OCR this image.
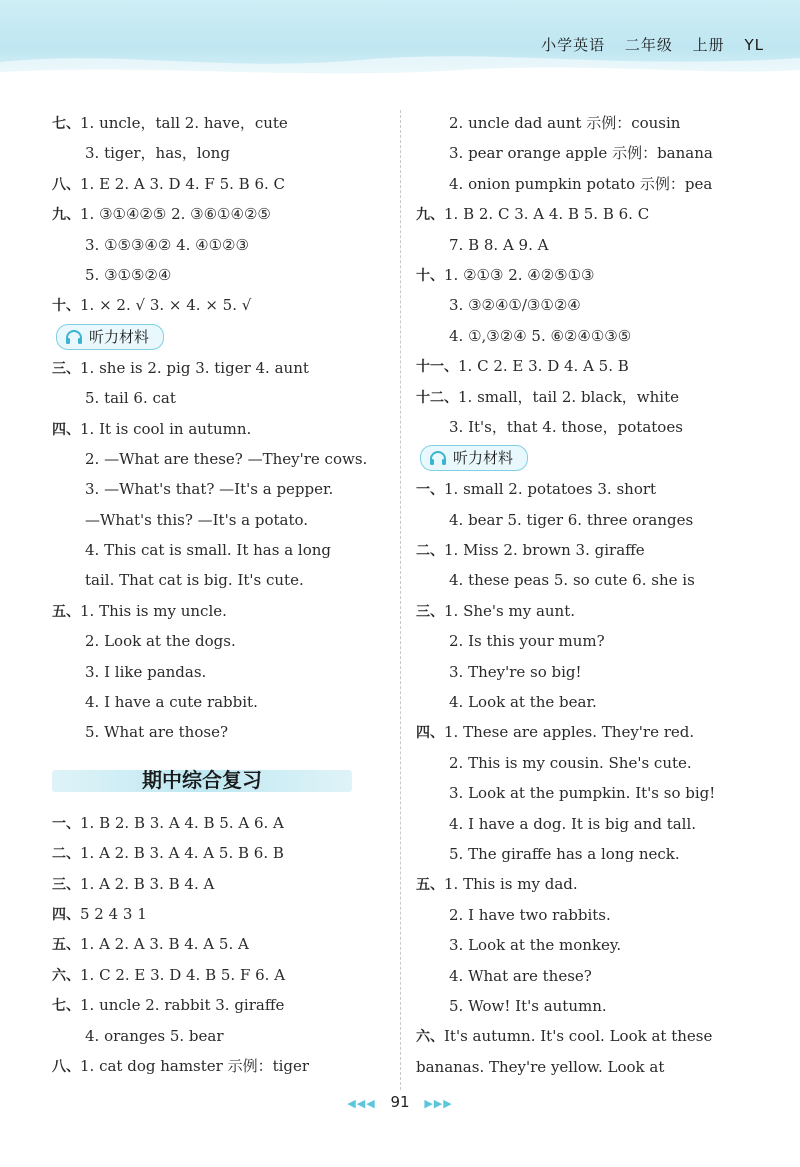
小学英语 二年级 上册 YL
七、1. uncle，tall 2. have，cute
3. tiger，has，long
八、1. E 2. A 3. D 4. F 5. B 6. C
九、1. ③①④②⑤ 2. ③⑥①④②⑤
3. ①⑤③④② 4. ④①②③
5. ③①⑤②④
十、1. × 2. √ 3. × 4. × 5. √
听力材料
三、1. she is 2. pig 3. tiger 4. aunt
5. tail 6. cat
四、1. It is cool in autumn.
2. —What are these? —They're cows.
3. —What's that? —It's a pepper.
—What's this? —It's a potato.
4. This cat is small. It has a long
tail. That cat is big. It's cute.
五、1. This is my uncle.
2. Look at the dogs.
3. I like pandas.
4. I have a cute rabbit.
5. What are those?
期中综合复习
一、1. B 2. B 3. A 4. B 5. A 6. A
二、1. A 2. B 3. A 4. A 5. B 6. B
三、1. A 2. B 3. B 4. A
四、5 2 4 3 1
五、1. A 2. A 3. B 4. A 5. A
六、1. C 2. E 3. D 4. B 5. F 6. A
七、1. uncle 2. rabbit 3. giraffe
4. oranges 5. bear
八、1. cat dog hamster 示例：tiger
2. uncle dad aunt 示例：cousin
3. pear orange apple 示例：banana
4. onion pumpkin potato 示例：pea
九、1. B 2. C 3. A 4. B 5. B 6. C
7. B 8. A 9. A
十、1. ②①③ 2. ④②⑤①③
3. ③②④①/③①②④
4. ①,③②④ 5. ⑥②④①③⑤
十一、1. C 2. E 3. D 4. A 5. B
十二、1. small，tail 2. black，white
3. It's，that 4. those，potatoes
听力材料
一、1. small 2. potatoes 3. short
4. bear 5. tiger 6. three oranges
二、1. Miss 2. brown 3. giraffe
4. these peas 5. so cute 6. she is
三、1. She's my aunt.
2. Is this your mum?
3. They're so big!
4. Look at the bear.
四、1. These are apples. They're red.
2. This is my cousin. She's cute.
3. Look at the pumpkin. It's so big!
4. I have a dog. It is big and tall.
5. The giraffe has a long neck.
五、1. This is my dad.
2. I have two rabbits.
3. Look at the monkey.
4. What are these?
5. Wow! It's autumn.
六、It's autumn. It's cool. Look at these
bananas. They're yellow. Look at
◀◀◀ 91 ▶▶▶
